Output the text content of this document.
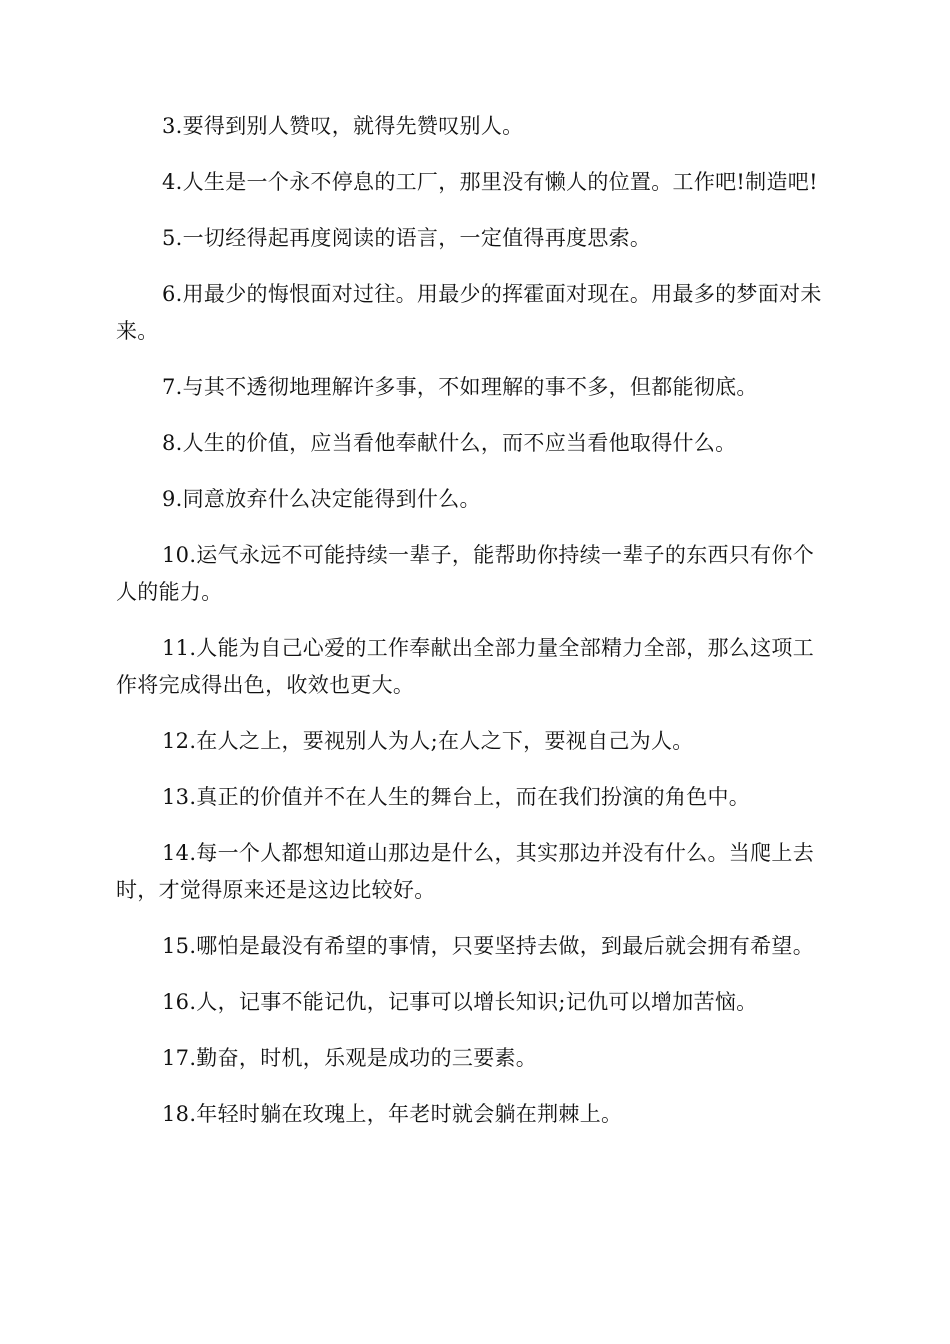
3.要得到别人赞叹，就得先赞叹别人。

4.人生是一个永不停息的工厂，那里没有懒人的位置。工作吧!制造吧!

5.一切经得起再度阅读的语言，一定值得再度思索。

6.用最少的悔恨面对过往。用最少的挥霍面对现在。用最多的梦面对未来。

7.与其不透彻地理解许多事，不如理解的事不多，但都能彻底。

8.人生的价值，应当看他奉献什么，而不应当看他取得什么。

9.同意放弃什么决定能得到什么。

10.运气永远不可能持续一辈子，能帮助你持续一辈子的东西只有你个人的能力。

11.人能为自己心爱的工作奉献出全部力量全部精力全部，那么这项工作将完成得出色，收效也更大。

12.在人之上，要视别人为人;在人之下，要视自己为人。

13.真正的价值并不在人生的舞台上，而在我们扮演的角色中。

14.每一个人都想知道山那边是什么，其实那边并没有什么。当爬上去时，才觉得原来还是这边比较好。

15.哪怕是最没有希望的事情，只要坚持去做，到最后就会拥有希望。

16.人，记事不能记仇，记事可以增长知识;记仇可以增加苦恼。

17.勤奋，时机，乐观是成功的三要素。

18.年轻时躺在玫瑰上，年老时就会躺在荆棘上。
